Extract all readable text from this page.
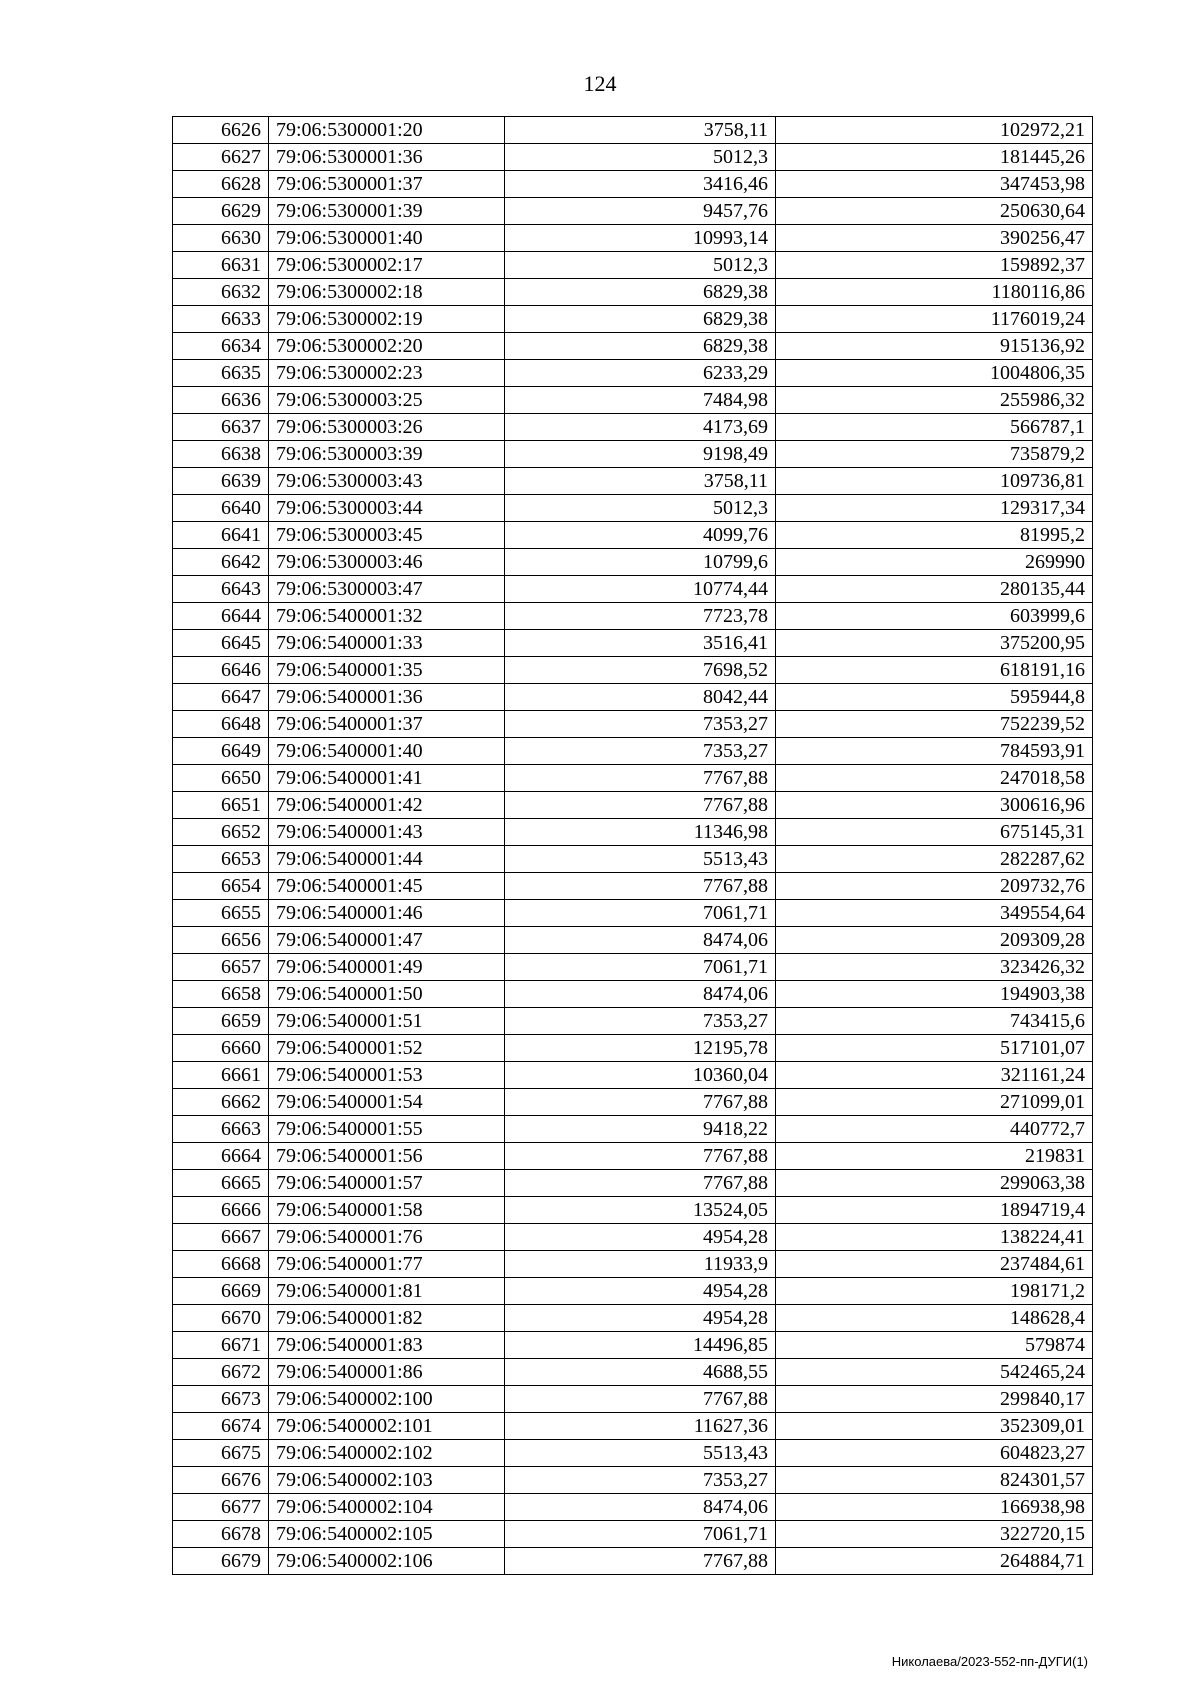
124
6626	79:06:5300001:20	3758,11	102972,21
6627	79:06:5300001:36	5012,3	181445,26
6628	79:06:5300001:37	3416,46	347453,98
6629	79:06:5300001:39	9457,76	250630,64
6630	79:06:5300001:40	10993,14	390256,47
6631	79:06:5300002:17	5012,3	159892,37
6632	79:06:5300002:18	6829,38	1180116,86
6633	79:06:5300002:19	6829,38	1176019,24
6634	79:06:5300002:20	6829,38	915136,92
6635	79:06:5300002:23	6233,29	1004806,35
6636	79:06:5300003:25	7484,98	255986,32
6637	79:06:5300003:26	4173,69	566787,1
6638	79:06:5300003:39	9198,49	735879,2
6639	79:06:5300003:43	3758,11	109736,81
6640	79:06:5300003:44	5012,3	129317,34
6641	79:06:5300003:45	4099,76	81995,2
6642	79:06:5300003:46	10799,6	269990
6643	79:06:5300003:47	10774,44	280135,44
6644	79:06:5400001:32	7723,78	603999,6
6645	79:06:5400001:33	3516,41	375200,95
6646	79:06:5400001:35	7698,52	618191,16
6647	79:06:5400001:36	8042,44	595944,8
6648	79:06:5400001:37	7353,27	752239,52
6649	79:06:5400001:40	7353,27	784593,91
6650	79:06:5400001:41	7767,88	247018,58
6651	79:06:5400001:42	7767,88	300616,96
6652	79:06:5400001:43	11346,98	675145,31
6653	79:06:5400001:44	5513,43	282287,62
6654	79:06:5400001:45	7767,88	209732,76
6655	79:06:5400001:46	7061,71	349554,64
6656	79:06:5400001:47	8474,06	209309,28
6657	79:06:5400001:49	7061,71	323426,32
6658	79:06:5400001:50	8474,06	194903,38
6659	79:06:5400001:51	7353,27	743415,6
6660	79:06:5400001:52	12195,78	517101,07
6661	79:06:5400001:53	10360,04	321161,24
6662	79:06:5400001:54	7767,88	271099,01
6663	79:06:5400001:55	9418,22	440772,7
6664	79:06:5400001:56	7767,88	219831
6665	79:06:5400001:57	7767,88	299063,38
6666	79:06:5400001:58	13524,05	1894719,4
6667	79:06:5400001:76	4954,28	138224,41
6668	79:06:5400001:77	11933,9	237484,61
6669	79:06:5400001:81	4954,28	198171,2
6670	79:06:5400001:82	4954,28	148628,4
6671	79:06:5400001:83	14496,85	579874
6672	79:06:5400001:86	4688,55	542465,24
6673	79:06:5400002:100	7767,88	299840,17
6674	79:06:5400002:101	11627,36	352309,01
6675	79:06:5400002:102	5513,43	604823,27
6676	79:06:5400002:103	7353,27	824301,57
6677	79:06:5400002:104	8474,06	166938,98
6678	79:06:5400002:105	7061,71	322720,15
6679	79:06:5400002:106	7767,88	264884,71
Николаева/2023-552-пп-ДУГИ(1)
